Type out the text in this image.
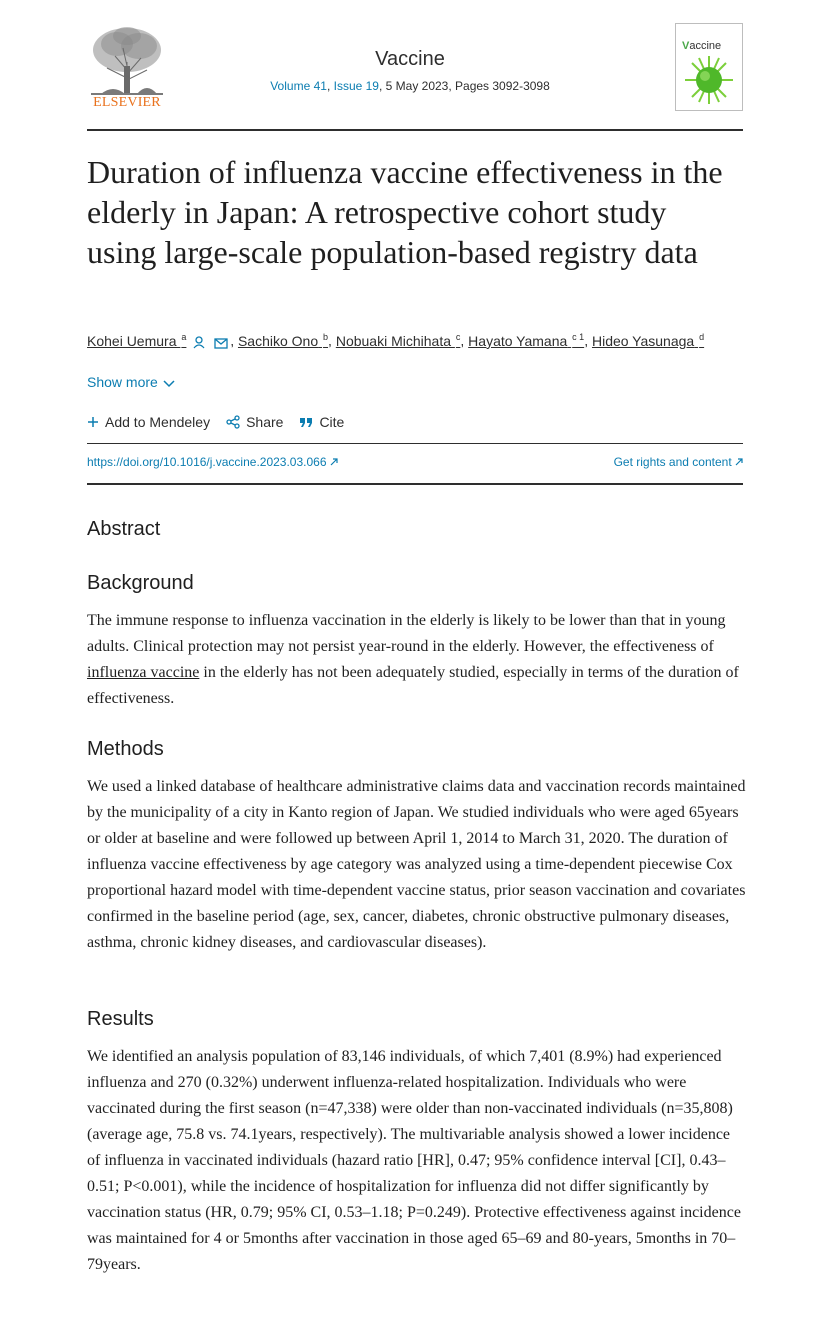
ELSEVIER
Vaccine
Volume 41, Issue 19, 5 May 2023, Pages 3092-3098
Vaccine
Duration of influenza vaccine effectiveness in the elderly in Japan: A retrospective cohort study using large-scale population-based registry data
Kohei Uemura $^a$	, Sachiko Ono $^b$, Nobuaki Michihata $^c$, Hayato Yamana $^{c 1}$, Hideo Yasunaga $^d$
Show more
Add to Mendeley	Share	Cite
https://doi.org/10.1016/j.vaccine.2023.03.066	Get rights and content
Abstract
Background

The immune response to influenza vaccination in the elderly is likely to be lower than that in young adults. Clinical protection may not persist year-round in the elderly. However, the effectiveness of influenza vaccine in the elderly has not been adequately studied, especially in terms of the duration of effectiveness.

Methods

We used a linked database of healthcare administrative claims data and vaccination records maintained by the municipality of a city in Kanto region of Japan. We studied individuals who were aged 65years or older at baseline and were followed up between April 1, 2014 to March 31, 2020. The duration of influenza vaccine effectiveness by age category was analyzed using a time-dependent piecewise Cox proportional hazard model with time-dependent vaccine status, prior season vaccination and covariates confirmed in the baseline period (age, sex, cancer, diabetes, chronic obstructive pulmonary diseases, asthma, chronic kidney diseases, and cardiovascular diseases).

Results

We identified an analysis population of 83,146 individuals, of which 7,401 (8.9%) had experienced influenza and 270 (0.32%) underwent influenza-related hospitalization. Individuals who were vaccinated during the first season (n=47,338) were older than non-vaccinated individuals (n=35,808) (average age, 75.8 vs. 74.1years, respectively). The multivariable analysis showed a lower incidence of influenza in vaccinated individuals (hazard ratio [HR], 0.47; 95% confidence interval [CI], 0.43–0.51; P<0.001), while the incidence of hospitalization for influenza did not differ significantly by vaccination status (HR, 0.79; 95% CI, 0.53–1.18; P=0.249). Protective effectiveness against incidence was maintained for 4 or 5months after vaccination in those aged 65–69 and 80-years, 5months in 70–79years.
